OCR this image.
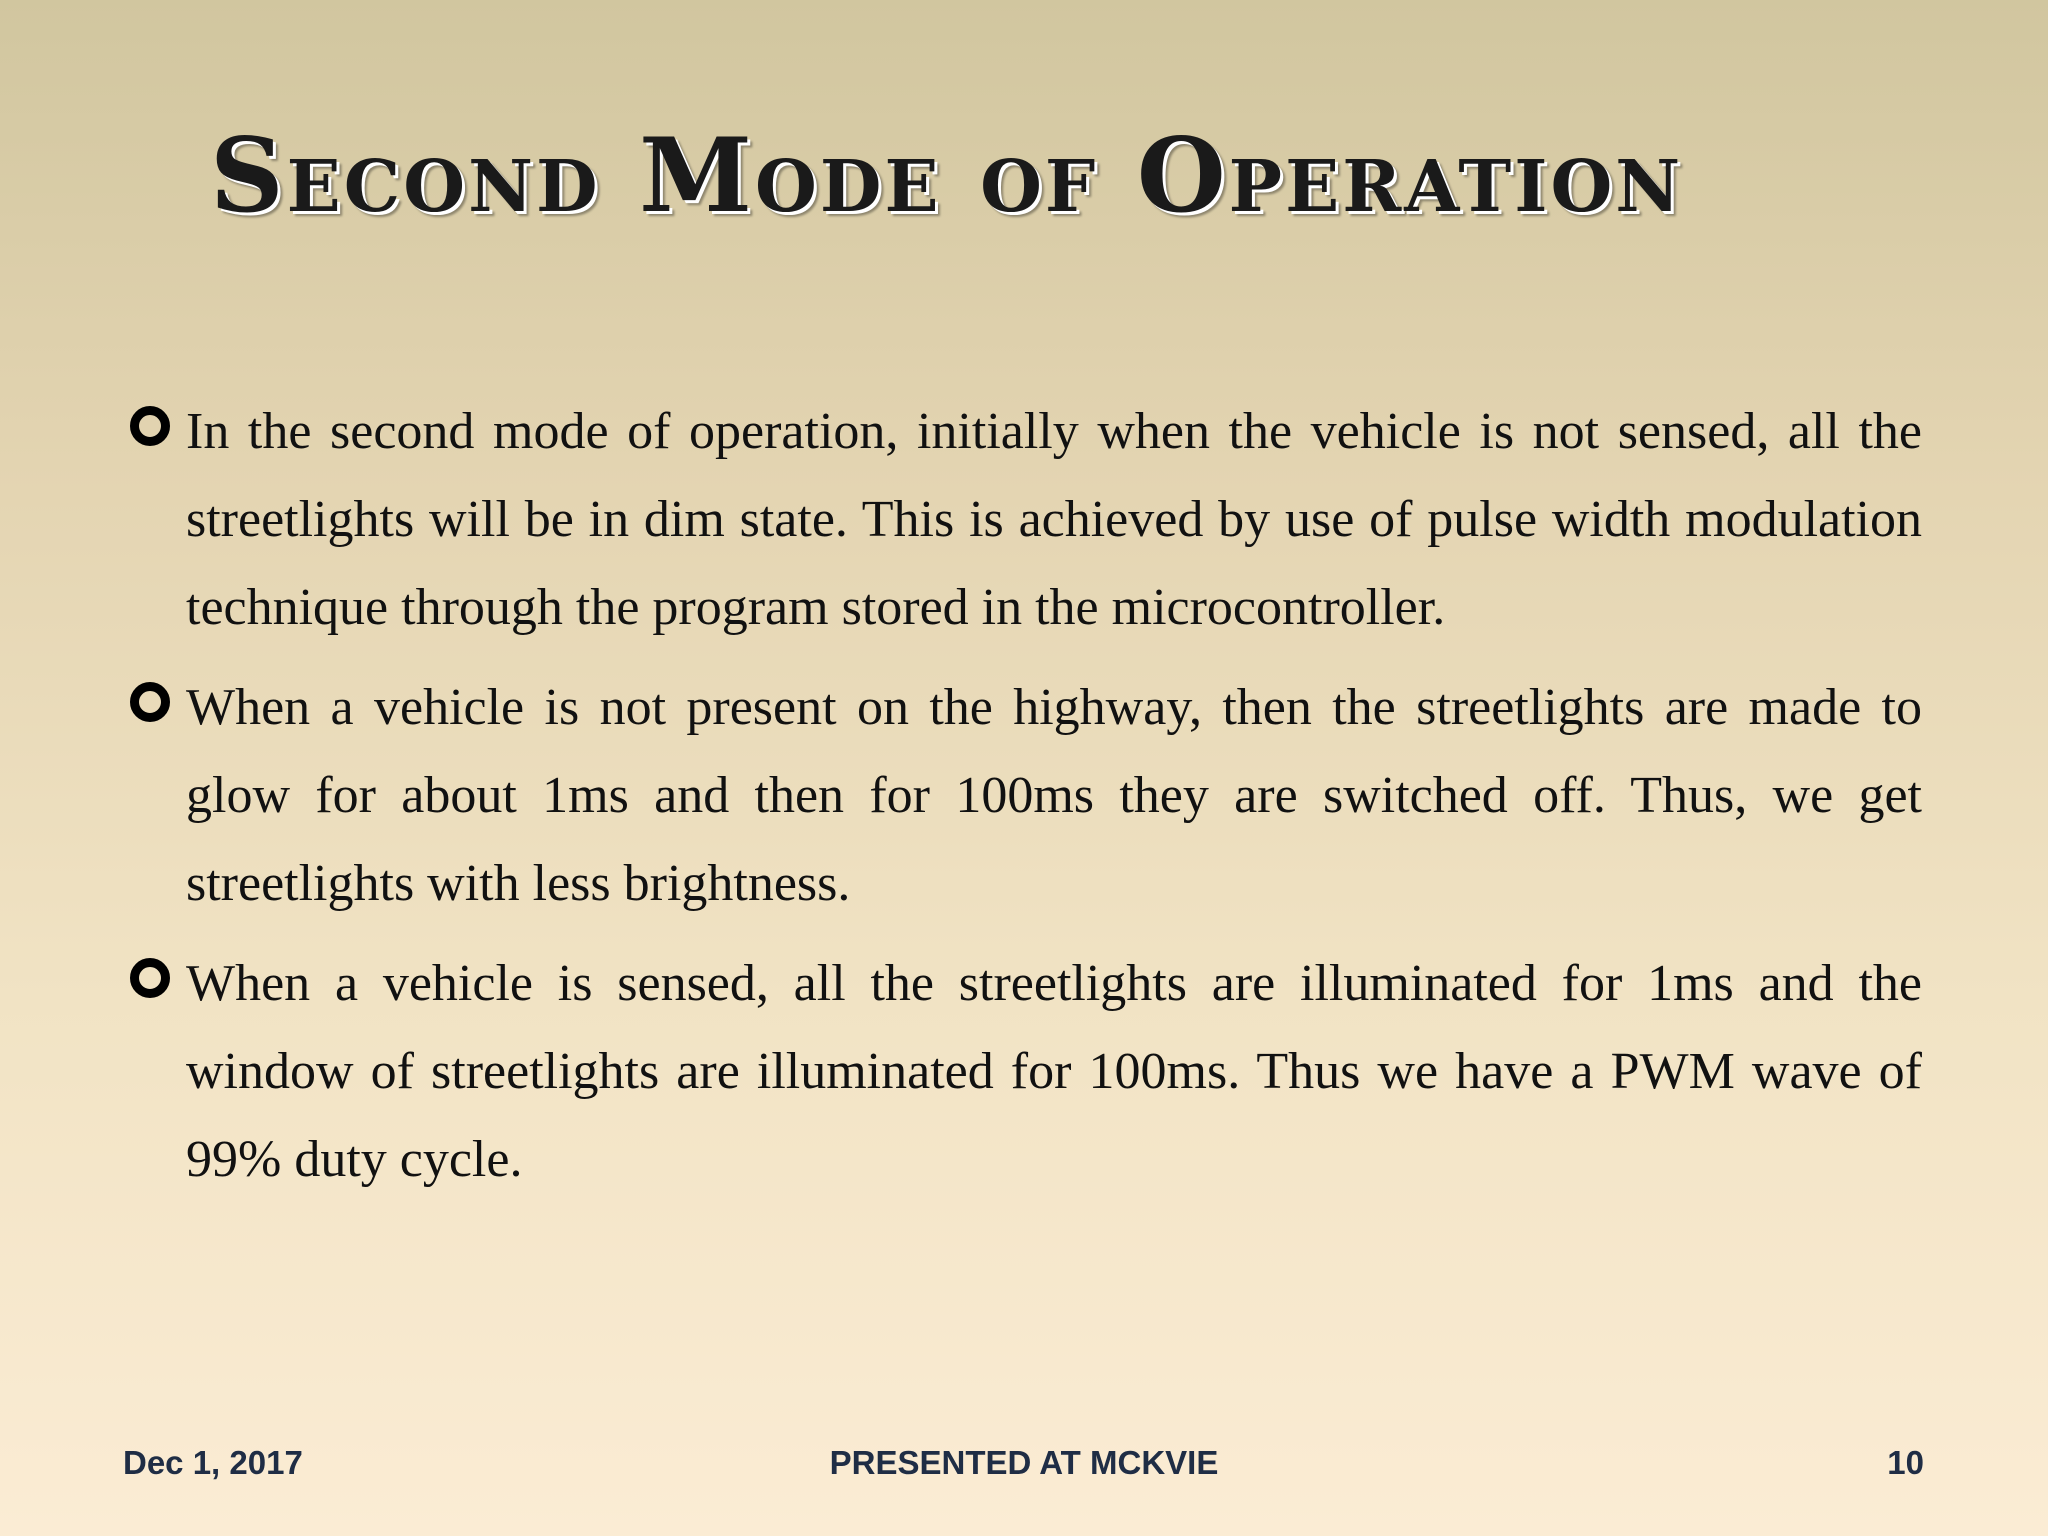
Second Mode of Operation
In the second mode of operation, initially when the vehicle is not sensed, all the streetlights will be in dim state. This is achieved by use of pulse width modulation technique through the program stored in the microcontroller.
When a vehicle is not present on the highway, then the streetlights are made to glow for about 1ms and then for 100ms they are switched off. Thus, we get streetlights with less brightness.
When a vehicle is sensed, all the streetlights are illuminated for 1ms and the window of streetlights are illuminated for 100ms. Thus we have a PWM wave of 99% duty cycle.
Dec 1, 2017	PRESENTED AT MCKVIE	10
